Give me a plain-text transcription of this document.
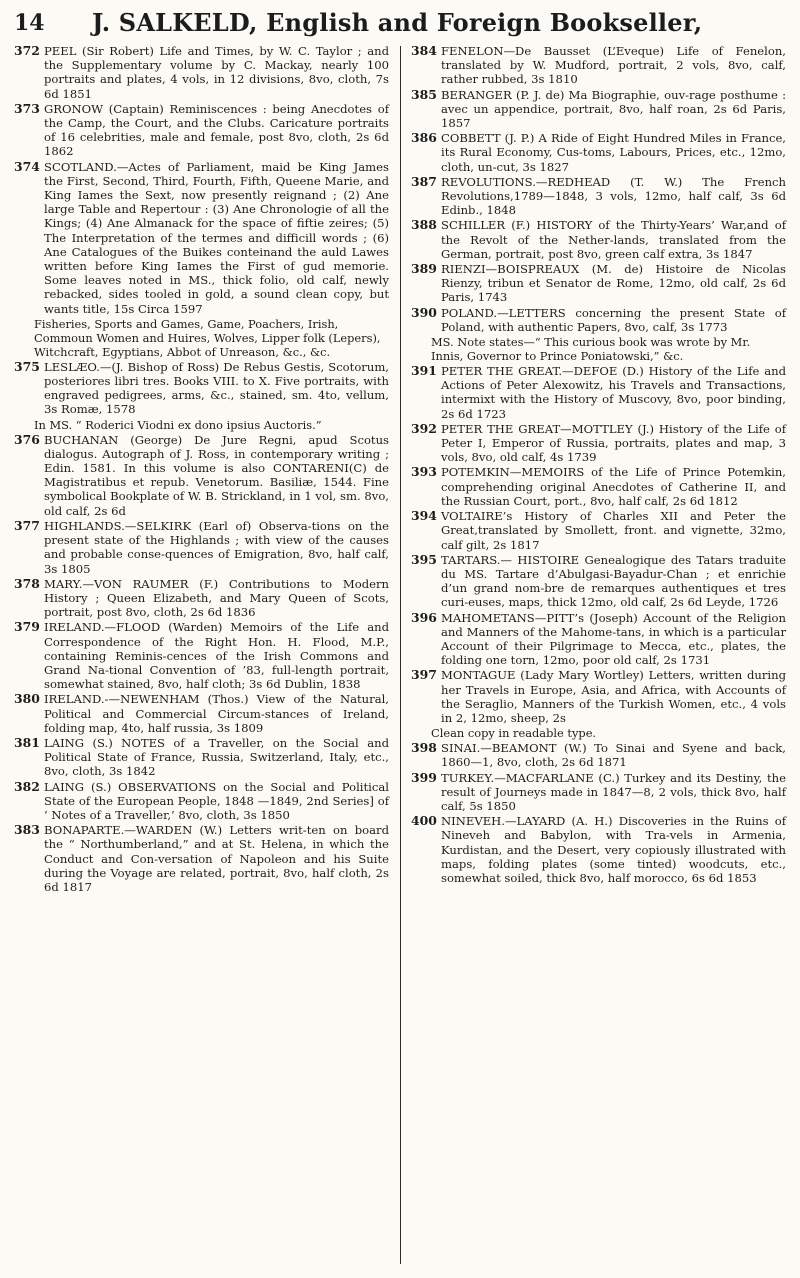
14 J. SALKELD, English and Foreign Bookseller,
372 PEEL (Sir Robert) Life and Times, by W. C. Taylor ; and the Supplementary volume by C. Mackay, nearly 100 portraits and plates, 4 vols, in 12 divisions, 8vo, cloth, 7s 6d 1851
373 GRONOW (Captain) Reminiscences : being Anecdotes of the Camp, the Court, and the Clubs. Caricature portraits of 16 celebrities, male and female, post 8vo, cloth, 2s 6d 1862
374 SCOTLAND.—Actes of Parliament, maid be King James the First, Second, Third, Fourth, Fifth, Queene Marie, and King Iames the Sext, now presently reignand ; (2) Ane large Table and Repertour : (3) Ane Chronologie of all the Kings; (4) Ane Almanack for the space of fiftie zeires; (5) The Interpretation of the termes and difficill words ; (6) Ane Catalogues of the Buikes conteinand the auld Lawes written before King Iames the First of gud memorie. Some leaves noted in MS., thick folio, old calf, newly rebacked, sides tooled in gold, a sound clean copy, but wants title, 15s Circa 1597
Fisheries, Sports and Games, Game, Poachers, Irish, Commoun Women and Huires, Wolves, Lipper folk (Lepers), Witchcraft, Egyptians, Abbot of Unreason, &c., &c.
375 LESLÆO.—(J. Bishop of Ross) De Rebus Gestis, Scotorum, posteriores libri tres. Books VIII. to X. Five portraits, with engraved pedigrees, arms, &c., stained, sm. 4to, vellum, 3s Romæ, 1578
In MS. “ Roderici Viodni ex dono ipsius Auctoris.”
376 BUCHANAN (George) De Jure Regni, apud Scotus dialogus. Autograph of J. Ross, in contemporary writing ; Edin. 1581. In this volume is also CONTARENI(C) de Magistratibus et repub. Venetorum. Basiliæ, 1544. Fine symbolical Bookplate of W. B. Strickland, in 1 vol, sm. 8vo, old calf, 2s 6d
377 HIGHLANDS.—SELKIRK (Earl of) Observa-tions on the present state of the Highlands ; with view of the causes and probable conse-quences of Emigration, 8vo, half calf, 3s 1805
378 MARY.—VON RAUMER (F.) Contributions to Modern History ; Queen Elizabeth, and Mary Queen of Scots, portrait, post 8vo, cloth, 2s 6d 1836
379 IRELAND.—FLOOD (Warden) Memoirs of the Life and Correspondence of the Right Hon. H. Flood, M.P., containing Reminis-cences of the Irish Commons and Grand Na-tional Convention of ’83, full-length portrait, somewhat stained, 8vo, half cloth; 3s 6d Dublin, 1838
380 IRELAND.-—NEWENHAM (Thos.) View of the Natural, Political and Commercial Circum-stances of Ireland, folding map, 4to, half russia, 3s 1809
381 LAING (S.) NOTES of a Traveller, on the Social and Political State of France, Russia, Switzerland, Italy, etc., 8vo, cloth, 3s 1842
382 LAING (S.) OBSERVATIONS on the Social and Political State of the European People, 1848 —1849, 2nd Series] of ‘ Notes of a Traveller,’ 8vo, cloth, 3s 1850
383 BONAPARTE.—WARDEN (W.) Letters writ-ten on board the “ Northumberland,” and at St. Helena, in which the Conduct and Con-versation of Napoleon and his Suite during the Voyage are related, portrait, 8vo, half cloth, 2s 6d 1817
384 FENELON—De Bausset (L’Eveque) Life of Fenelon, translated by W. Mudford, portrait, 2 vols, 8vo, calf, rather rubbed, 3s 1810
385 BERANGER (P. J. de) Ma Biographie, ouv-rage posthume : avec un appendice, portrait, 8vo, half roan, 2s 6d Paris, 1857
386 COBBETT (J. P.) A Ride of Eight Hundred Miles in France, its Rural Economy, Cus-toms, Labours, Prices, etc., 12mo, cloth, un-cut, 3s 1827
387 REVOLUTIONS.—REDHEAD (T. W.) The French Revolutions,1789—1848, 3 vols, 12mo, half calf, 3s 6d Edinb., 1848
388 SCHILLER (F.) HISTORY of the Thirty-Years’ War,and of the Revolt of the Nether-lands, translated from the German, portrait, post 8vo, green calf extra, 3s 1847
389 RIENZI—BOISPREAUX (M. de) Histoire de Nicolas Rienzy, tribun et Senator de Rome, 12mo, old calf, 2s 6d Paris, 1743
390 POLAND.—LETTERS concerning the present State of Poland, with authentic Papers, 8vo, calf, 3s 1773
MS. Note states—“ This curious book was wrote by Mr. Innis, Governor to Prince Poniatowski,” &c.
391 PETER THE GREAT.—DEFOE (D.) History of the Life and Actions of Peter Alexowitz, his Travels and Transactions, intermixt with the History of Muscovy, 8vo, poor binding, 2s 6d 1723
392 PETER THE GREAT—MOTTLEY (J.) History of the Life of Peter I, Emperor of Russia, portraits, plates and map, 3 vols, 8vo, old calf, 4s 1739
393 POTEMKIN—MEMOIRS of the Life of Prince Potemkin, comprehending original Anecdotes of Catherine II, and the Russian Court, port., 8vo, half calf, 2s 6d 1812
394 VOLTAIRE’s History of Charles XII and Peter the Great,translated by Smollett, front. and vignette, 32mo, calf gilt, 2s 1817
395 TARTARS.— HISTOIRE Genealogique des Tatars traduite du MS. Tartare d’Abulgasi-Bayadur-Chan ; et enrichie d’un grand nom-bre de remarques authentiques et tres curi-euses, maps, thick 12mo, old calf, 2s 6d Leyde, 1726
396 MAHOMETANS—PITT’s (Joseph) Account of the Religion and Manners of the Mahome-tans, in which is a particular Account of their Pilgrimage to Mecca, etc., plates, the folding one torn, 12mo, poor old calf, 2s 1731
397 MONTAGUE (Lady Mary Wortley) Letters, written during her Travels in Europe, Asia, and Africa, with Accounts of the Seraglio, Manners of the Turkish Women, etc., 4 vols in 2, 12mo, sheep, 2s
Clean copy in readable type.
398 SINAI.—BEAMONT (W.) To Sinai and Syene and back, 1860—1, 8vo, cloth, 2s 6d 1871
399 TURKEY.—MACFARLANE (C.) Turkey and its Destiny, the result of Journeys made in 1847—8, 2 vols, thick 8vo, half calf, 5s 1850
400 NINEVEH.—LAYARD (A. H.) Discoveries in the Ruins of Nineveh and Babylon, with Tra-vels in Armenia, Kurdistan, and the Desert, very copiously illustrated with maps, folding plates (some tinted) woodcuts, etc., somewhat soiled, thick 8vo, half morocco, 6s 6d 1853
